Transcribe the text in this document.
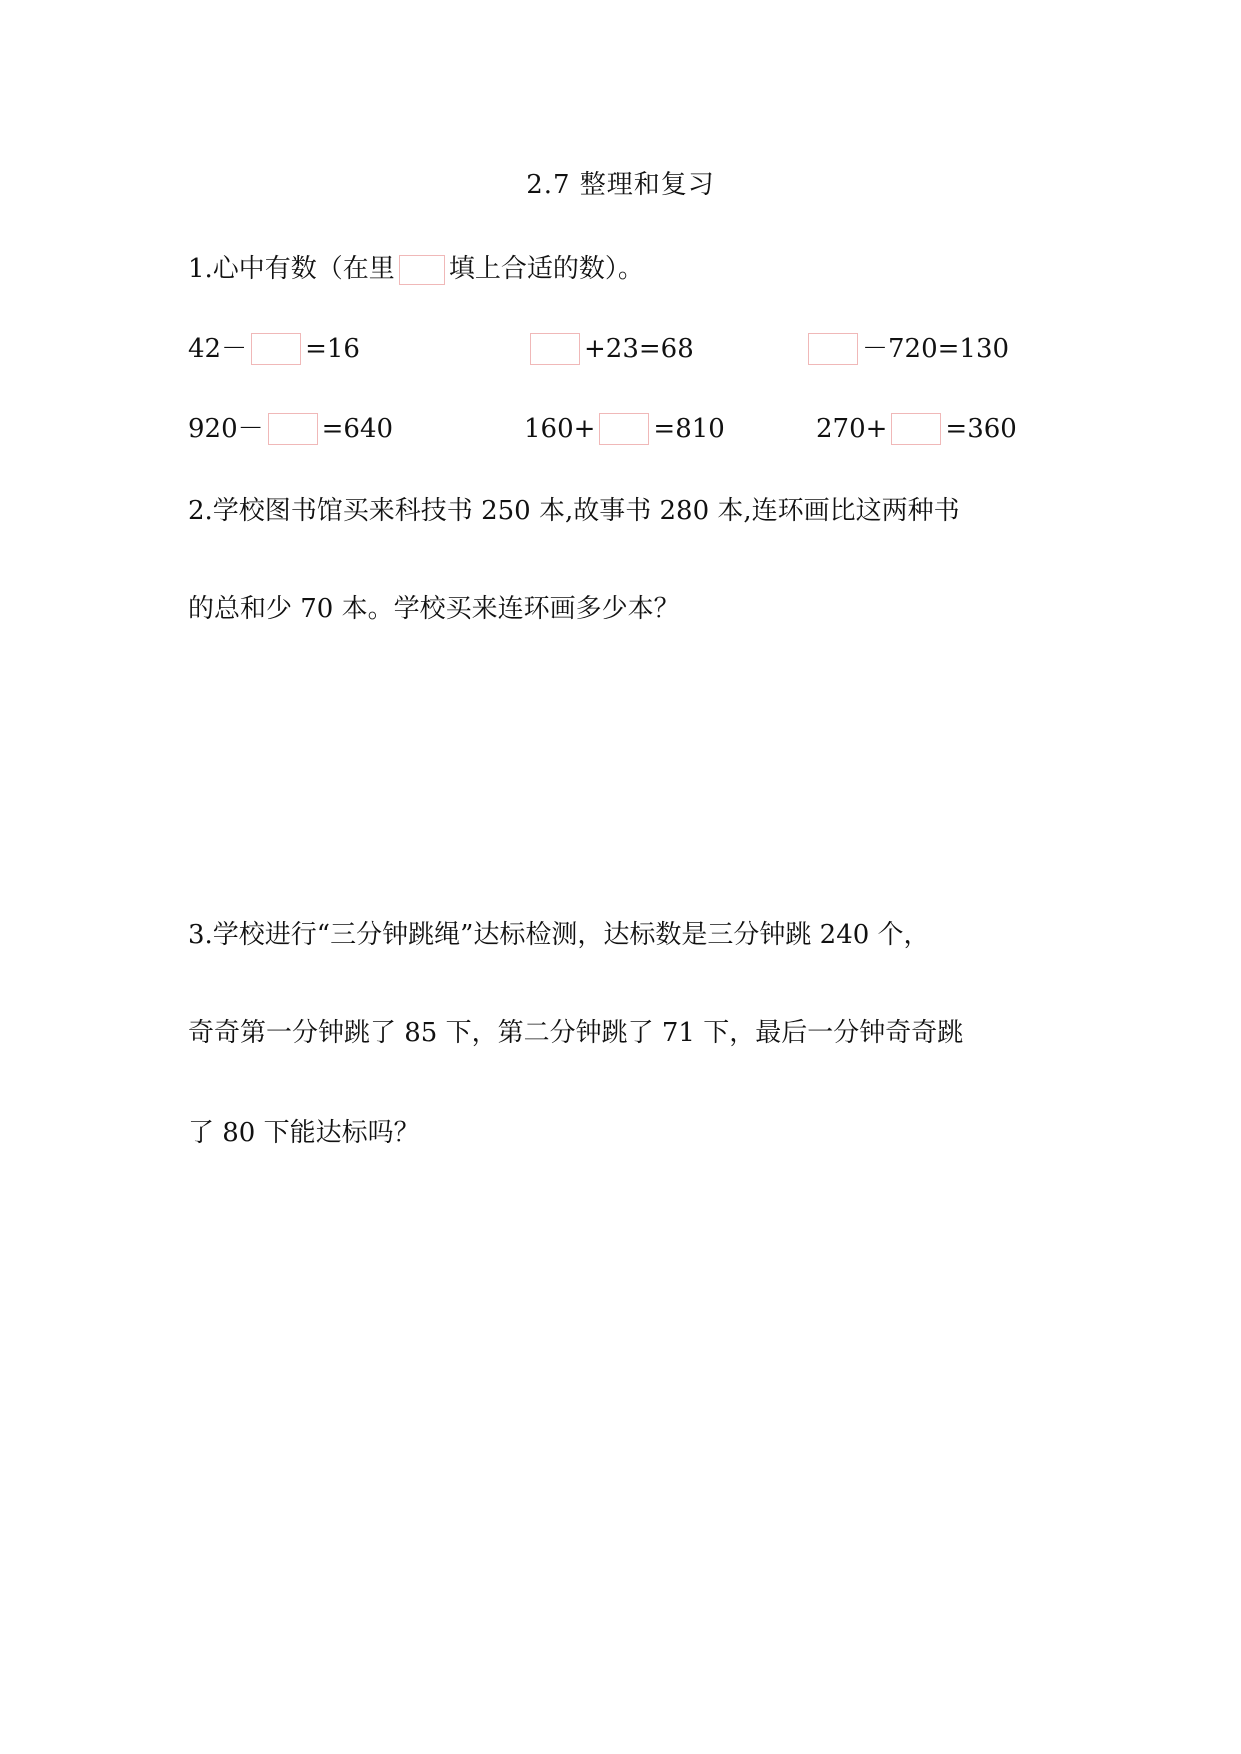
2.7 整理和复习
1.心中有数（在里 填上合适的数）。
42－ =16	+23=68	－720=130
920－ =640	160+ =810	270+ =360
2.学校图书馆买来科技书 250 本,故事书 280 本,连环画比这两种书
的总和少 70 本。学校买来连环画多少本？
3.学校进行“三分钟跳绳”达标检测，达标数是三分钟跳 240 个，
奇奇第一分钟跳了 85 下，第二分钟跳了 71 下，最后一分钟奇奇跳
了 80 下能达标吗？
